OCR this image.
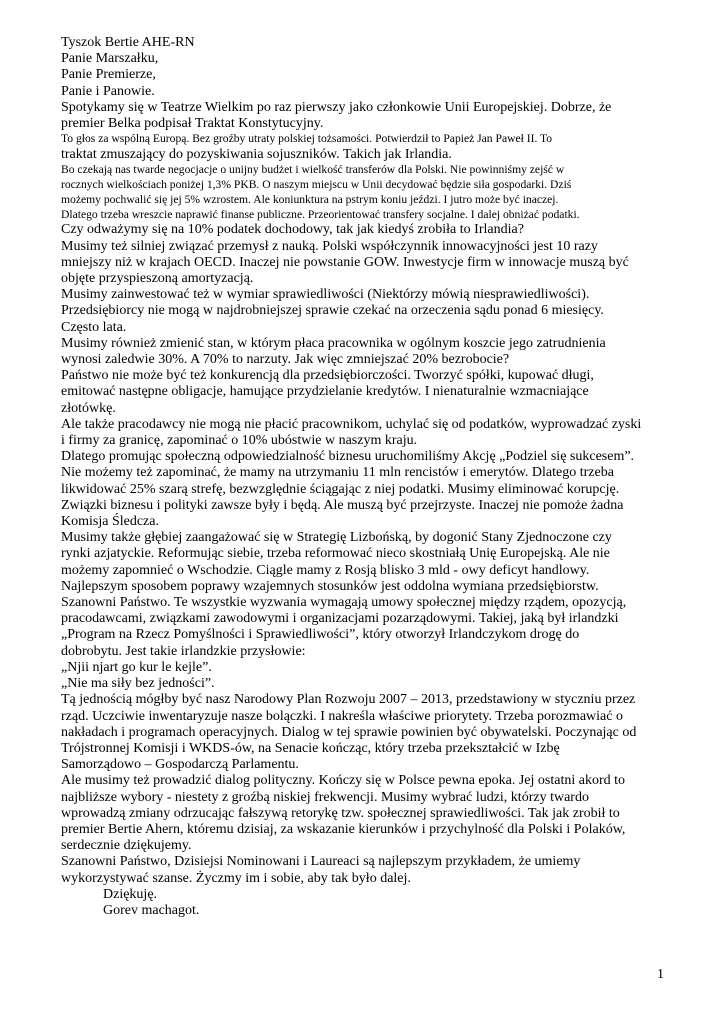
Tyszok Bertie AHE-RN
Panie Marszałku,
Panie Premierze,
Panie i Panowie.
Spotykamy się w Teatrze Wielkim po raz pierwszy jako członkowie Unii Europejskiej. Dobrze, że
premier Belka podpisał Traktat Konstytucyjny.
To głos za wspólną Europą. Bez groźby utraty polskiej tożsamości. Potwierdził to Papież Jan Paweł II. To
traktat zmuszający do pozyskiwania sojuszników. Takich jak Irlandia.
Bo czekają nas twarde negocjacje o unijny budżet i wielkość transferów dla Polski. Nie powinniśmy zejść w
rocznych wielkościach poniżej 1,3% PKB. O naszym miejscu w Unii decydować będzie siła gospodarki. Dziś
możemy pochwalić się jej 5% wzrostem. Ale koniunktura na pstrym koniu jeździ. I jutro może być inaczej.
Dlatego trzeba wreszcie naprawić finanse publiczne. Przeorientować transfery socjalne. I dalej obniżać podatki.
Czy odważymy się na 10% podatek dochodowy, tak jak kiedyś zrobiła to Irlandia?
Musimy też silniej związać przemysł z nauką. Polski współczynnik innowacyjności jest 10 razy
mniejszy niż w krajach OECD. Inaczej nie powstanie GOW. Inwestycje firm w innowacje muszą być
objęte przyspieszoną amortyzacją.
Musimy zainwestować też w wymiar sprawiedliwości (Niektórzy mówią niesprawiedliwości).
Przedsiębiorcy nie mogą w najdrobniejszej sprawie czekać na orzeczenia sądu ponad 6 miesięcy.
Często lata.
Musimy również zmienić stan, w którym płaca pracownika w ogólnym koszcie jego zatrudnienia
wynosi zaledwie 30%. A 70% to narzuty. Jak więc zmniejszać 20% bezrobocie?
Państwo nie może być też konkurencją dla przedsiębiorczości. Tworzyć spółki, kupować długi,
emitować następne obligacje, hamujące przydzielanie kredytów. I nienaturalnie wzmacniające
złotówkę.
Ale także pracodawcy nie mogą nie płacić pracownikom, uchylać się od podatków, wyprowadzać zyski
i firmy za granicę, zapominać o 10% ubóstwie w naszym kraju.
Dlatego promując społeczną odpowiedzialność biznesu uruchomiliśmy Akcję „Podziel się sukcesem”.
Nie możemy też zapominać, że mamy na utrzymaniu 11 mln rencistów i emerytów. Dlatego trzeba
likwidować 25% szarą strefę, bezwzględnie ściągając z niej podatki. Musimy eliminować korupcję.
Związki biznesu i polityki zawsze były i będą. Ale muszą być przejrzyste. Inaczej nie pomoże żadna
Komisja Śledcza.
Musimy także głębiej zaangażować się w Strategię Lizbońską, by dogonić Stany Zjednoczone czy
rynki azjatyckie. Reformując siebie, trzeba reformować nieco skostniałą Unię Europejską. Ale nie
możemy zapomnieć o Wschodzie. Ciągle mamy z Rosją blisko 3 mld - owy deficyt handlowy.
Najlepszym sposobem poprawy wzajemnych stosunków jest oddolna wymiana przedsiębiorstw.
Szanowni Państwo. Te wszystkie wyzwania wymagają umowy społecznej między rządem, opozycją,
pracodawcami, związkami zawodowymi i organizacjami pozarządowymi. Takiej, jaką był irlandzki
„Program na Rzecz Pomyślności i Sprawiedliwości”, który otworzył Irlandczykom drogę do
dobrobytu. Jest takie irlandzkie przysłowie:
„Njii njart go kur le kejle”.
„Nie ma siły bez jedności”.
Tą jednością mógłby być nasz Narodowy Plan Rozwoju 2007 – 2013, przedstawiony w styczniu przez
rząd. Uczciwie inwentaryzuje nasze bolączki. I nakreśla właściwe priorytety. Trzeba porozmawiać o
nakładach i programach operacyjnych. Dialog w tej sprawie powinien być obywatelski. Poczynając od
Trójstronnej Komisji i WKDS-ów, na Senacie kończąc, który trzeba przekształcić w Izbę
Samorządowo – Gospodarczą Parlamentu.
Ale musimy też prowadzić dialog polityczny. Kończy się w Polsce pewna epoka. Jej ostatni akord to
najbliższe wybory - niestety z groźbą niskiej frekwencji. Musimy wybrać ludzi, którzy twardo
wprowadzą zmiany odrzucając fałszywą retorykę tzw. społecznej sprawiedliwości. Tak jak zrobił to
premier Bertie Ahern, któremu dzisiaj, za wskazanie kierunków i przychylność dla Polski i Polaków,
serdecznie dziękujemy.
Szanowni Państwo, Dzisiejsi Nominowani i Laureaci są najlepszym przykładem, że umiemy
wykorzystywać szanse. Życzmy im i sobie, aby tak było dalej.
Dziękuję.
Gorev machagot.
1
